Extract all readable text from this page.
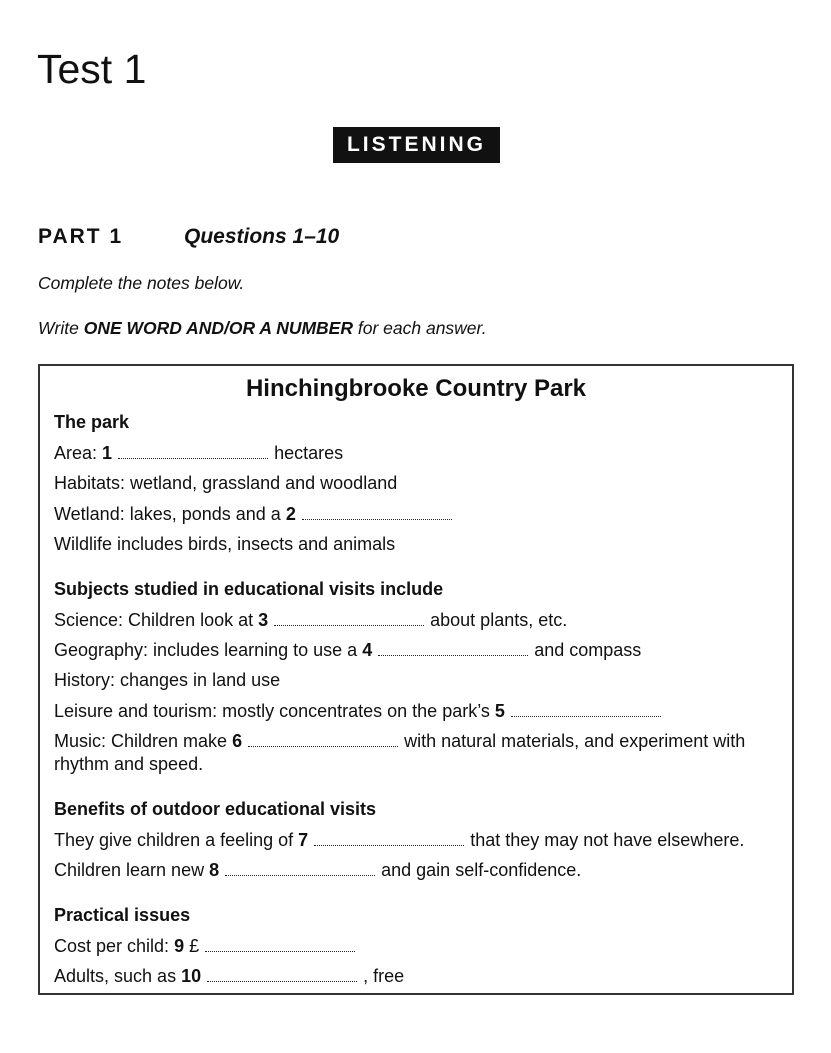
Test 1
LISTENING
PART 1	Questions 1–10
Complete the notes below.
Write ONE WORD AND/OR A NUMBER for each answer.
Hinchingbrooke Country Park
The park
Area: 1	hectares
Habitats: wetland, grassland and woodland
Wetland: lakes, ponds and a 2
Wildlife includes birds, insects and animals
Subjects studied in educational visits include
Science: Children look at 3	about plants, etc.
Geography: includes learning to use a 4	and compass
History: changes in land use
Leisure and tourism: mostly concentrates on the park’s 5
Music: Children make 6	with natural materials, and experiment with rhythm and speed.
Benefits of outdoor educational visits
They give children a feeling of 7	that they may not have elsewhere.
Children learn new 8	and gain self-confidence.
Practical issues
Cost per child: 9 £
Adults, such as 10	, free
